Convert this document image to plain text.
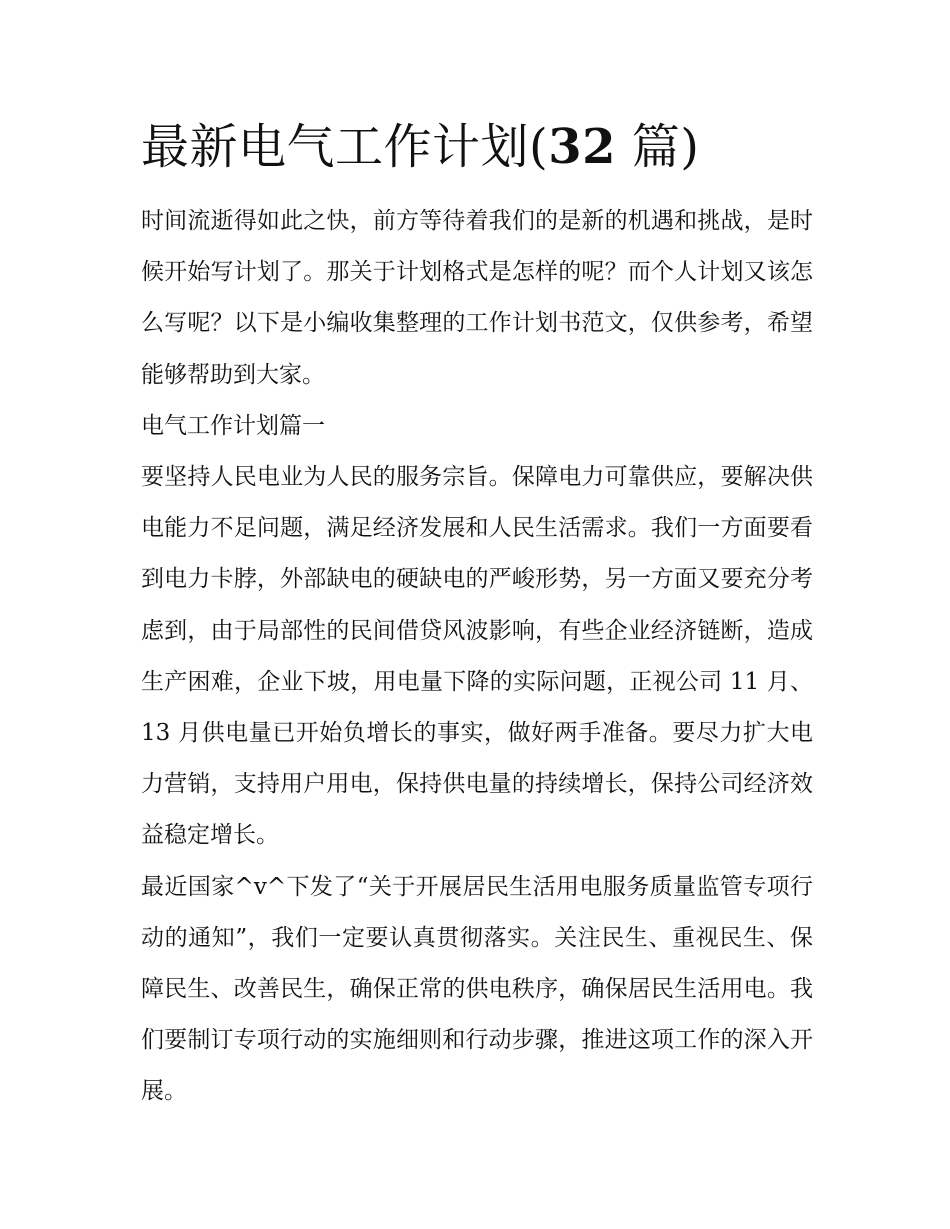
最新电气工作计划(32 篇)

时间流逝得如此之快，前方等待着我们的是新的机遇和挑战，是时候开始写计划了。那关于计划格式是怎样的呢？而个人计划又该怎么写呢？以下是小编收集整理的工作计划书范文，仅供参考，希望能够帮助到大家。

电气工作计划篇一

要坚持人民电业为人民的服务宗旨。保障电力可靠供应，要解决供电能力不足问题，满足经济发展和人民生活需求。我们一方面要看到电力卡脖，外部缺电的硬缺电的严峻形势，另一方面又要充分考虑到，由于局部性的民间借贷风波影响，有些企业经济链断，造成生产困难，企业下坡，用电量下降的实际问题，正视公司 11 月、13 月供电量已开始负增长的事实，做好两手准备。要尽力扩大电力营销，支持用户用电，保持供电量的持续增长，保持公司经济效益稳定增长。

最近国家^v^下发了“关于开展居民生活用电服务质量监管专项行动的通知”，我们一定要认真贯彻落实。关注民生、重视民生、保障民生、改善民生，确保正常的供电秩序，确保居民生活用电。我们要制订专项行动的实施细则和行动步骤，推进这项工作的深入开展。
